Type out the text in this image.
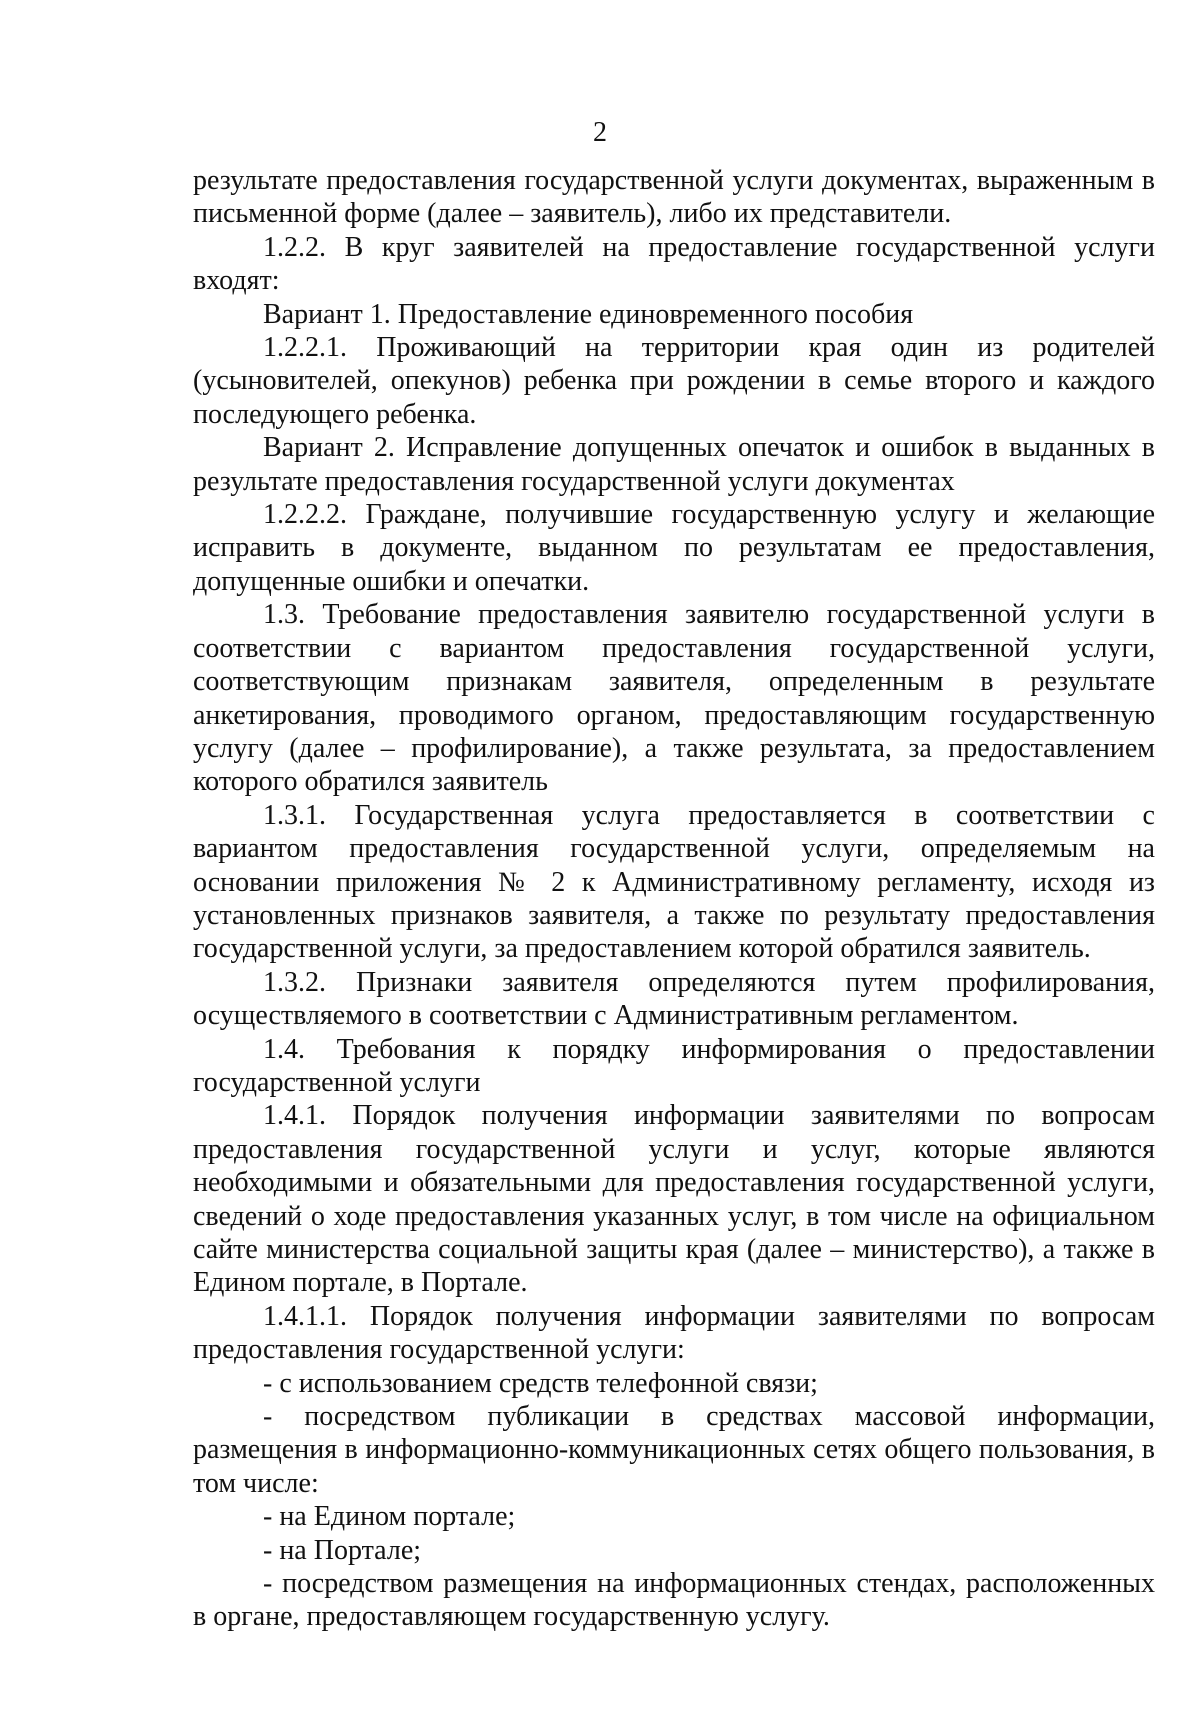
2

результате предоставления государственной услуги документах, выраженным в письменной форме (далее – заявитель), либо их представители.

1.2.2. В круг заявителей на предоставление государственной услуги входят:

Вариант 1. Предоставление единовременного пособия

1.2.2.1. Проживающий на территории края один из родителей (усыновителей, опекунов) ребенка при рождении в семье второго и каждого последующего ребенка.

Вариант 2. Исправление допущенных опечаток и ошибок в выданных в результате предоставления государственной услуги документах

1.2.2.2. Граждане, получившие государственную услугу и желающие исправить в документе, выданном по результатам ее предоставления, допущенные ошибки и опечатки.

1.3. Требование предоставления заявителю государственной услуги в соответствии с вариантом предоставления государственной услуги, соответствующим признакам заявителя, определенным в результате анкетирования, проводимого органом, предоставляющим государственную услугу (далее – профилирование), а также результата, за предоставлением которого обратился заявитель

1.3.1. Государственная услуга предоставляется в соответствии с вариантом предоставления государственной услуги, определяемым на основании приложения № 2 к Административному регламенту, исходя из установленных признаков заявителя, а также по результату предоставления государственной услуги, за предоставлением которой обратился заявитель.

1.3.2. Признаки заявителя определяются путем профилирования, осуществляемого в соответствии с Административным регламентом.

1.4. Требования к порядку информирования о предоставлении государственной услуги

1.4.1. Порядок получения информации заявителями по вопросам предоставления государственной услуги и услуг, которые являются необходимыми и обязательными для предоставления государственной услуги, сведений о ходе предоставления указанных услуг, в том числе на официальном сайте министерства социальной защиты края (далее – министерство), а также в Едином портале, в Портале.

1.4.1.1. Порядок получения информации заявителями по вопросам предоставления государственной услуги:

- с использованием средств телефонной связи;

- посредством публикации в средствах массовой информации, размещения в информационно-коммуникационных сетях общего пользования, в том числе:

- на Едином портале;

- на Портале;

- посредством размещения на информационных стендах, расположенных в органе, предоставляющем государственную услугу.
